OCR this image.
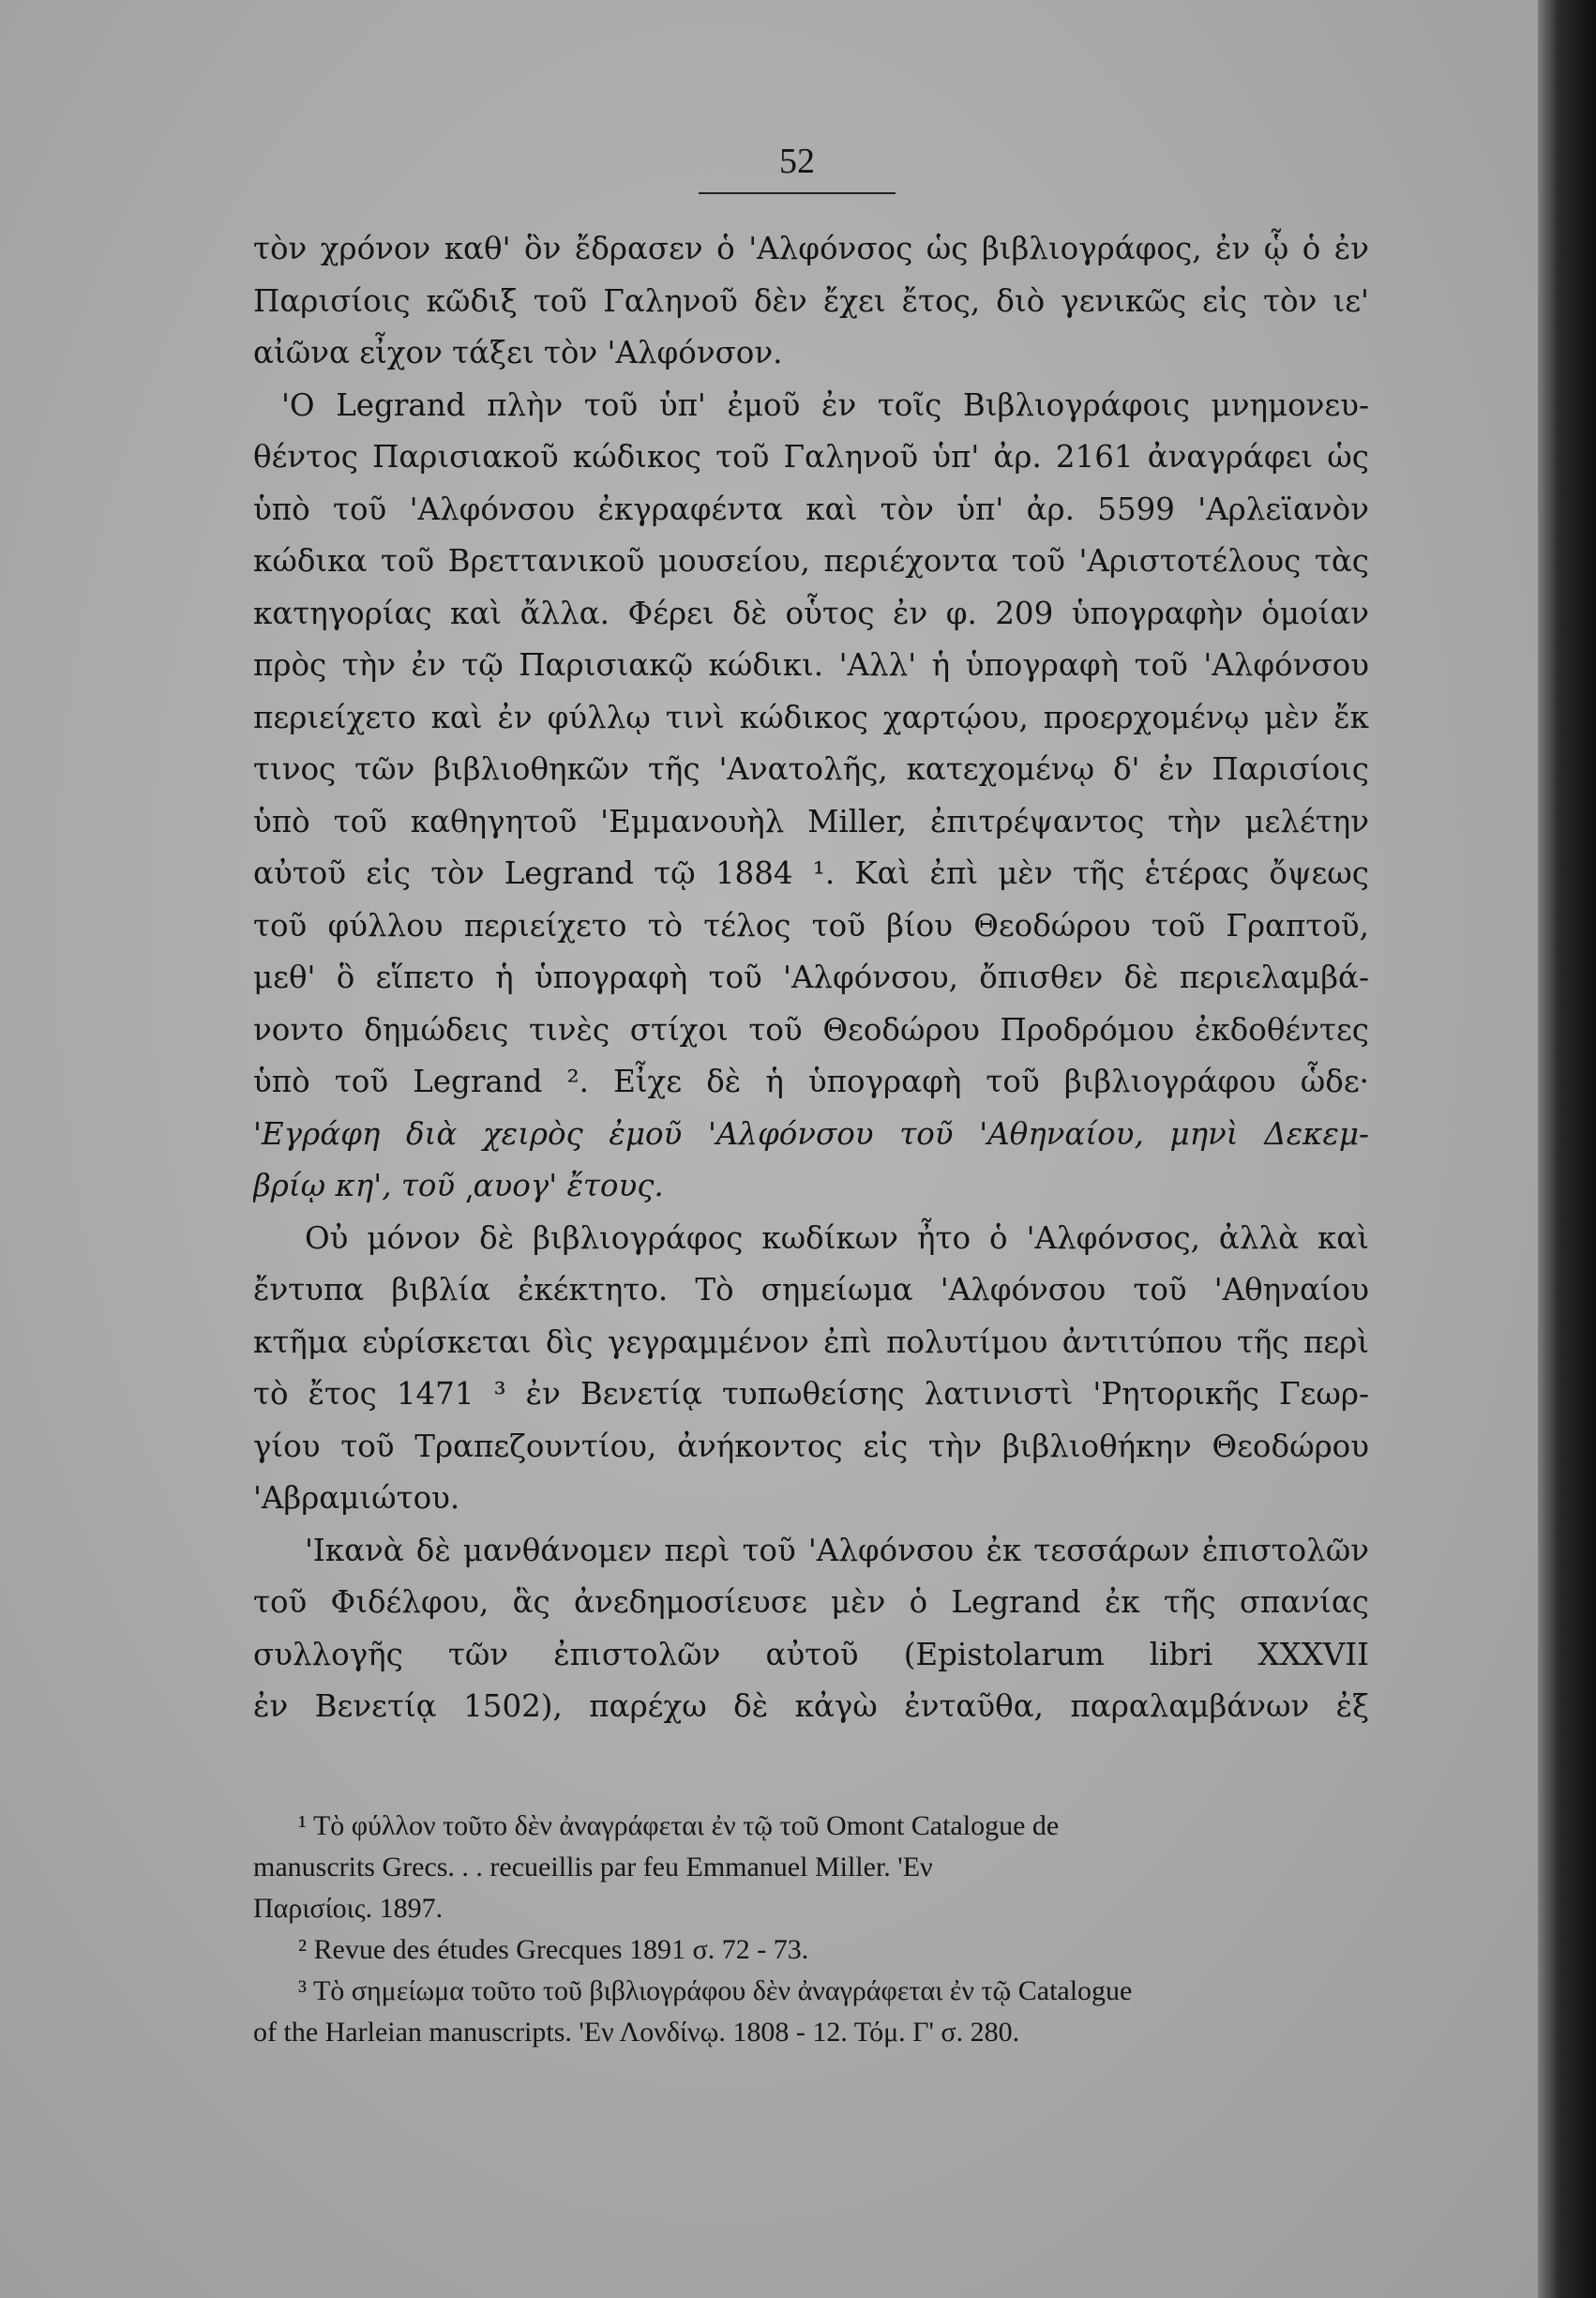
52
τὸν χρόνον καθ' ὃν ἔδρασεν ὁ 'Αλφόνσος ὡς βιβλιογράφος, ἐν ᾧ ὁ ἐν
Παρισίοις κῶδιξ τοῦ Γαληνοῦ δὲν ἔχει ἔτος, διὸ γενικῶς εἰς τὸν ιε'
αἰῶνα εἶχον τάξει τὸν 'Αλφόνσον.
'Ο Legrand πλὴν τοῦ ὑπ' ἐμοῦ ἐν τοῖς Βιβλιογράφοις μνημονευ-
θέντος Παρισιακοῦ κώδικος τοῦ Γαληνοῦ ὑπ' ἀρ. 2161 ἀναγράφει ὡς
ὑπὸ τοῦ 'Αλφόνσου ἐκγραφέντα καὶ τὸν ὑπ' ἀρ. 5599 'Αρλεϊανὸν
κώδικα τοῦ Βρεττανικοῦ μουσείου, περιέχοντα τοῦ 'Αριστοτέλους τὰς
κατηγορίας καὶ ἄλλα. Φέρει δὲ οὗτος ἐν φ. 209 ὑπογραφὴν ὁμοίαν
πρὸς τὴν ἐν τῷ Παρισιακῷ κώδικι. 'Αλλ' ἡ ὑπογραφὴ τοῦ 'Αλφόνσου
περιείχετο καὶ ἐν φύλλῳ τινὶ κώδικος χαρτῴου, προερχομένῳ μὲν ἔκ
τινος τῶν βιβλιοθηκῶν τῆς 'Ανατολῆς, κατεχομένῳ δ' ἐν Παρισίοις
ὑπὸ τοῦ καθηγητοῦ 'Εμμανουὴλ Miller, ἐπιτρέψαντος τὴν μελέτην
αὐτοῦ εἰς τὸν Legrand τῷ 1884 ¹. Καὶ ἐπὶ μὲν τῆς ἑτέρας ὄψεως
τοῦ φύλλου περιείχετο τὸ τέλος τοῦ βίου Θεοδώρου τοῦ Γραπτοῦ,
μεθ' ὃ εἵπετο ἡ ὑπογραφὴ τοῦ 'Αλφόνσου, ὄπισθεν δὲ περιελαμβά-
νοντο δημώδεις τινὲς στίχοι τοῦ Θεοδώρου Προδρόμου ἐκδοθέντες
ὑπὸ τοῦ Legrand ². Εἶχε δὲ ἡ ὑπογραφὴ τοῦ βιβλιογράφου ὧδε·
'Εγράφη διὰ χειρὸς ἐμοῦ 'Αλφόνσου τοῦ 'Αθηναίου, μηνὶ Δεκεμ-
βρίῳ κη', τοῦ ͵αυογ' ἔτους.
Οὐ μόνον δὲ βιβλιογράφος κωδίκων ἦτο ὁ 'Αλφόνσος, ἀλλὰ καὶ
ἔντυπα βιβλία ἐκέκτητο. Τὸ σημείωμα 'Αλφόνσου τοῦ 'Αθηναίου
κτῆμα εὑρίσκεται δὶς γεγραμμένον ἐπὶ πολυτίμου ἀντιτύπου τῆς περὶ
τὸ ἔτος 1471 ³ ἐν Βενετίᾳ τυπωθείσης λατινιστὶ 'Ρητορικῆς Γεωρ-
γίου τοῦ Τραπεζουντίου, ἀνήκοντος εἰς τὴν βιβλιοθήκην Θεοδώρου
'Αβραμιώτου.
'Ικανὰ δὲ μανθάνομεν περὶ τοῦ 'Αλφόνσου ἐκ τεσσάρων ἐπιστολῶν
τοῦ Φιδέλφου, ἃς ἀνεδημοσίευσε μὲν ὁ Legrand ἐκ τῆς σπανίας
συλλογῆς τῶν ἐπιστολῶν αὐτοῦ (Epistolarum libri XXXVII
ἐν Βενετίᾳ 1502), παρέχω δὲ κἀγὼ ἐνταῦθα, παραλαμβάνων ἐξ
¹ Τὸ φύλλον τοῦτο δὲν ἀναγράφεται ἐν τῷ τοῦ Omont Catalogue de
manuscrits Grecs. . . recueillis par feu Emmanuel Miller. 'Εν
Παρισίοις. 1897.
² Revue des études Grecques 1891 σ. 72 - 73.
³ Τὸ σημείωμα τοῦτο τοῦ βιβλιογράφου δὲν ἀναγράφεται ἐν τῷ Catalogue
of the Harleian manuscripts. 'Εν Λονδίνῳ. 1808 - 12. Τόμ. Γ' σ. 280.
